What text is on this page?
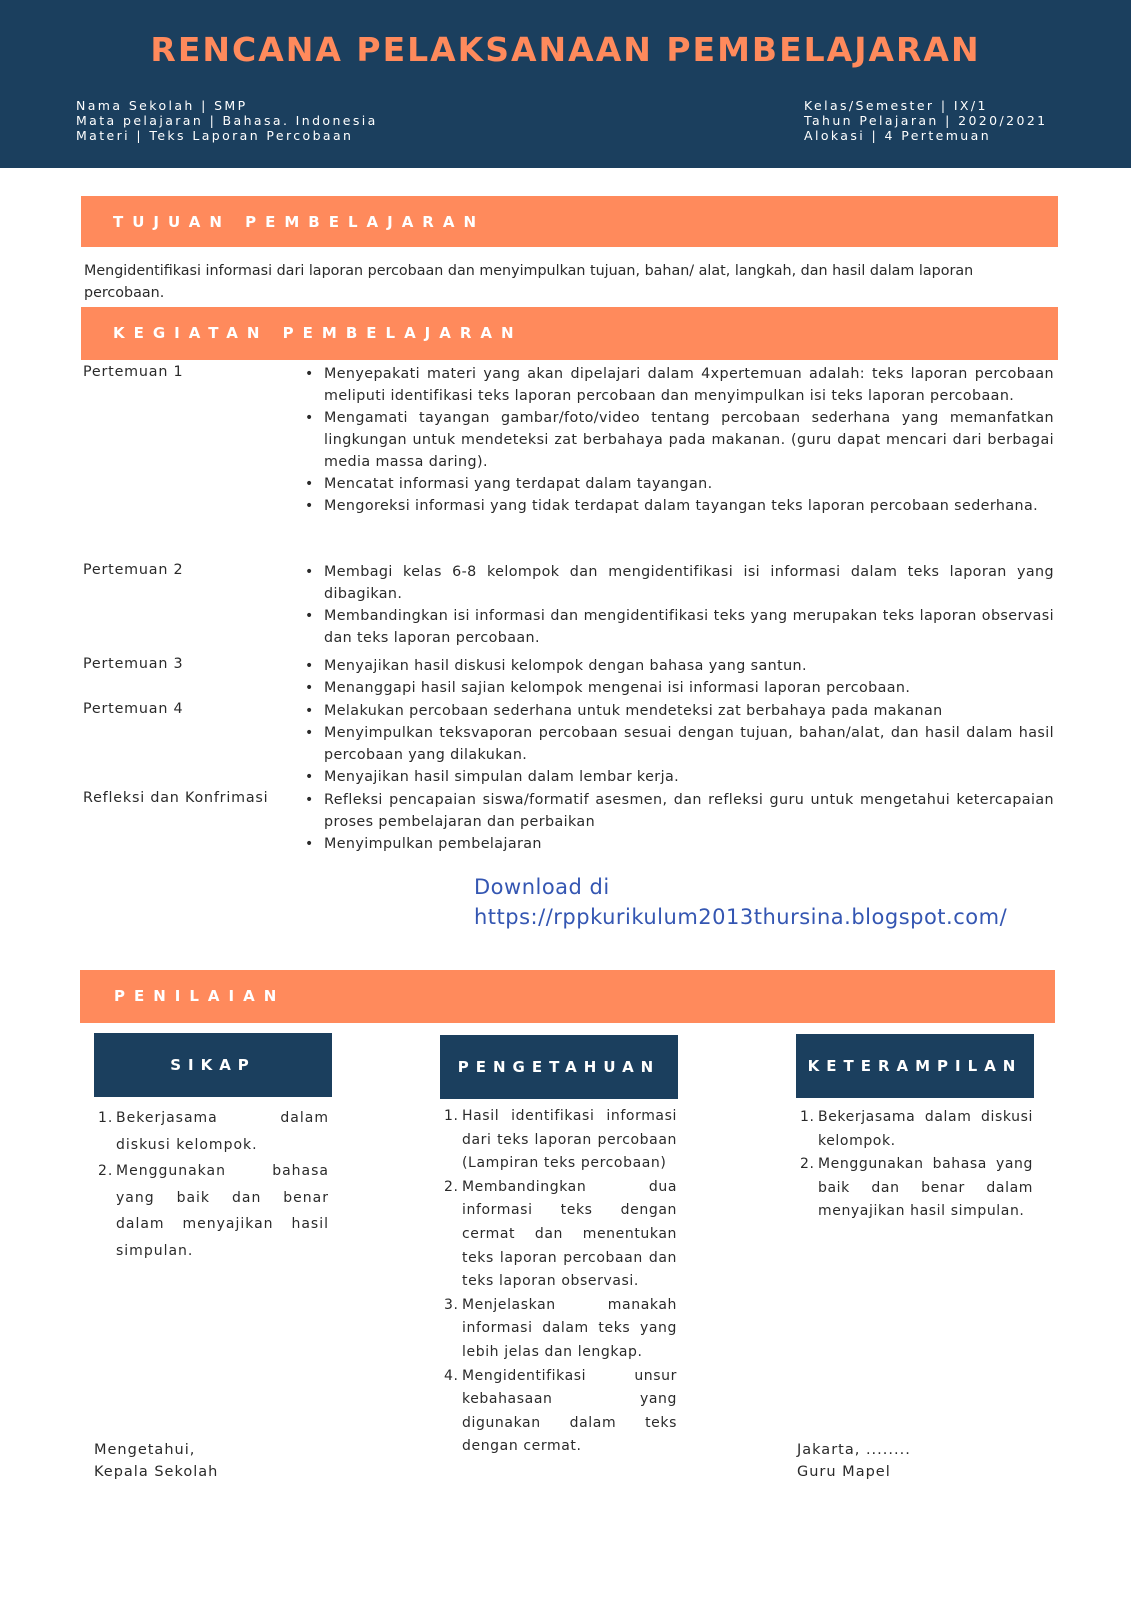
RENCANA PELAKSANAAN PEMBELAJARAN
Nama Sekolah | SMP
Mata pelajaran | Bahasa. Indonesia
Materi | Teks Laporan Percobaan
Kelas/Semester | IX/1
Tahun Pelajaran | 2020/2021
Alokasi | 4 Pertemuan
TUJUAN PEMBELAJARAN
Mengidentifikasi informasi dari laporan percobaan dan menyimpulkan tujuan, bahan/ alat, langkah, dan hasil dalam laporan percobaan.
KEGIATAN PEMBELAJARAN
Pertemuan 1	• Menyepakati materi yang akan dipelajari dalam 4xpertemuan adalah: teks laporan percobaan meliputi identifikasi teks laporan percobaan dan menyimpulkan isi teks laporan percobaan.
• Mengamati tayangan gambar/foto/video tentang percobaan sederhana yang memanfatkan lingkungan untuk mendeteksi zat berbahaya pada makanan. (guru dapat mencari dari berbagai media massa daring).
• Mencatat informasi yang terdapat dalam tayangan.
• Mengoreksi informasi yang tidak terdapat dalam tayangan teks laporan percobaan sederhana.
Pertemuan 2	• Membagi kelas 6-8 kelompok dan mengidentifikasi isi informasi dalam teks laporan yang dibagikan.
• Membandingkan isi informasi dan mengidentifikasi teks yang merupakan teks laporan observasi dan teks laporan percobaan.
Pertemuan 3	• Menyajikan hasil diskusi kelompok dengan bahasa yang santun.
• Menanggapi hasil sajian kelompok mengenai isi informasi laporan percobaan.
Pertemuan 4	• Melakukan percobaan sederhana untuk mendeteksi zat berbahaya pada makanan
• Menyimpulkan teksvaporan percobaan sesuai dengan tujuan, bahan/alat, dan hasil dalam hasil percobaan yang dilakukan.
• Menyajikan hasil simpulan dalam lembar kerja.
Refleksi dan Konfrimasi	• Refleksi pencapaian siswa/formatif asesmen, dan refleksi guru untuk mengetahui ketercapaian proses pembelajaran dan perbaikan
• Menyimpulkan pembelajaran
Download di
https://rppkurikulum2013thursina.blogspot.com/
PENILAIAN
SIKAP
1. Bekerjasama dalam diskusi kelompok.
2. Menggunakan bahasa yang baik dan benar dalam menyajikan hasil simpulan.
PENGETAHUAN
1. Hasil identifikasi informasi dari teks laporan percobaan (Lampiran teks percobaan)
2. Membandingkan dua informasi teks dengan cermat dan menentukan teks laporan percobaan dan teks laporan observasi.
3. Menjelaskan manakah informasi dalam teks yang lebih jelas dan lengkap.
4. Mengidentifikasi unsur kebahasaan yang digunakan dalam teks dengan cermat.
KETERAMPILAN
1. Bekerjasama dalam diskusi kelompok.
2. Menggunakan bahasa yang baik dan benar dalam menyajikan hasil simpulan.
Mengetahui,
Kepala Sekolah
Jakarta, ........
Guru Mapel
